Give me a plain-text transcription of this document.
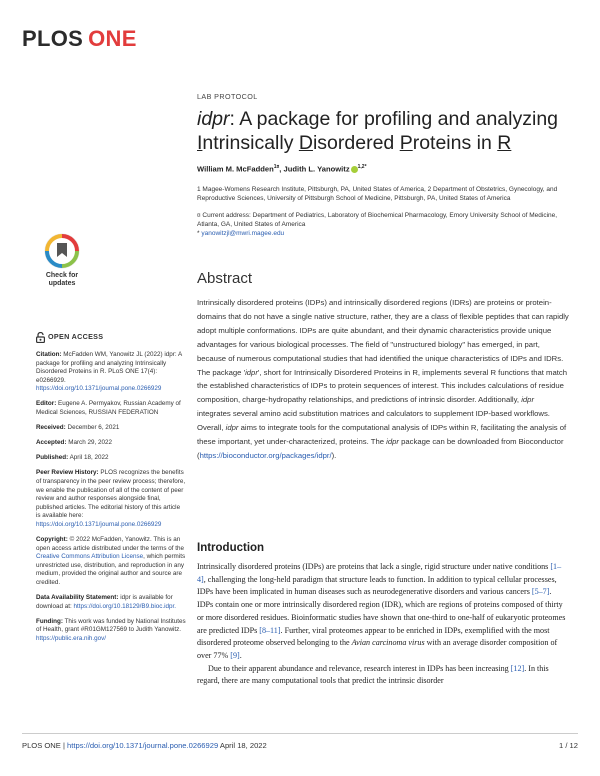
PLOS ONE
Check for
updates
OPEN ACCESS
Citation: McFadden WM, Yanowitz JL (2022) idpr: A package for profiling and analyzing Intrinsically Disordered Proteins in R. PLoS ONE 17(4): e0266929. https://doi.org/10.1371/journal.pone.0266929
Editor: Eugene A. Permyakov, Russian Academy of Medical Sciences, RUSSIAN FEDERATION
Received: December 6, 2021
Accepted: March 29, 2022
Published: April 18, 2022
Peer Review History: PLOS recognizes the benefits of transparency in the peer review process; therefore, we enable the publication of all of the content of peer review and author responses alongside final, published articles. The editorial history of this article is available here: https://doi.org/10.1371/journal.pone.0266929
Copyright: © 2022 McFadden, Yanowitz. This is an open access article distributed under the terms of the Creative Commons Attribution License, which permits unrestricted use, distribution, and reproduction in any medium, provided the original author and source are credited.
Data Availability Statement: idpr is available for download at: https://doi.org/10.18129/B9.bioc.idpr.
Funding: This work was funded by National Institutes of Health, grant #R01GM127569 to Judith Yanowitz. https://public.era.nih.gov/
LAB PROTOCOL
idpr: A package for profiling and analyzing
Intrinsically Disordered Proteins in R
William M. McFadden$^{1¤}$, Judith L. Yanowitz $^{1,2*}$
1 Magee-Womens Research Institute, Pittsburgh, PA, United States of America, 2 Department of Obstetrics, Gynecology, and Reproductive Sciences, University of Pittsburgh School of Medicine, Pittsburgh, PA, United States of America
¤ Current address: Department of Pediatrics, Laboratory of Biochemical Pharmacology, Emory University School of Medicine, Atlanta, GA, United States of America
* yanowitzjl@mwri.magee.edu
Abstract
Intrinsically disordered proteins (IDPs) and intrinsically disordered regions (IDRs) are proteins or protein-domains that do not have a single native structure, rather, they are a class of flexible peptides that can rapidly adopt multiple conformations. IDPs are quite abundant, and their dynamic characteristics provide unique advantages for various biological processes. The field of "unstructured biology" has emerged, in part, because of numerous computational studies that had identified the unique characteristics of IDPs and IDRs. The package 'idpr', short for Intrinsically Disordered Proteins in R, implements several R functions that match the established characteristics of IDPs to protein sequences of interest. This includes calculations of residue composition, charge-hydropathy relationships, and predictions of intrinsic disorder. Additionally, idpr integrates several amino acid substitution matrices and calculators to supplement IDP-based workflows. Overall, idpr aims to integrate tools for the computational analysis of IDPs within R, facilitating the analysis of these important, yet under-characterized, proteins. The idpr package can be downloaded from Bioconductor (https://bioconductor.org/packages/idpr/).
Introduction

Intrinsically disordered proteins (IDPs) are proteins that lack a single, rigid structure under native conditions [1–4], challenging the long-held paradigm that structure leads to function. In addition to typical cellular processes, IDPs have been implicated in human diseases such as neurodegenerative disorders and various cancers [5–7]. IDPs contain one or more intrinsically disordered region (IDR), which are regions of proteins composed of thirty or more disordered residues. Bioinformatic studies have shown that one-third to one-half of eukaryotic proteomes are predicted IDPs [8–11]. Further, viral proteomes appear to be enriched in IDPs, exemplified with the most disordered proteome observed belonging to the Avian carcinoma virus with an average disorder composition of over 77% [9].

Due to their apparent abundance and relevance, research interest in IDPs has been increasing [12]. In this regard, there are many computational tools that predict the intrinsic disorder

PLOS ONE | https://doi.org/10.1371/journal.pone.0266929 April 18, 2022	1 / 12
